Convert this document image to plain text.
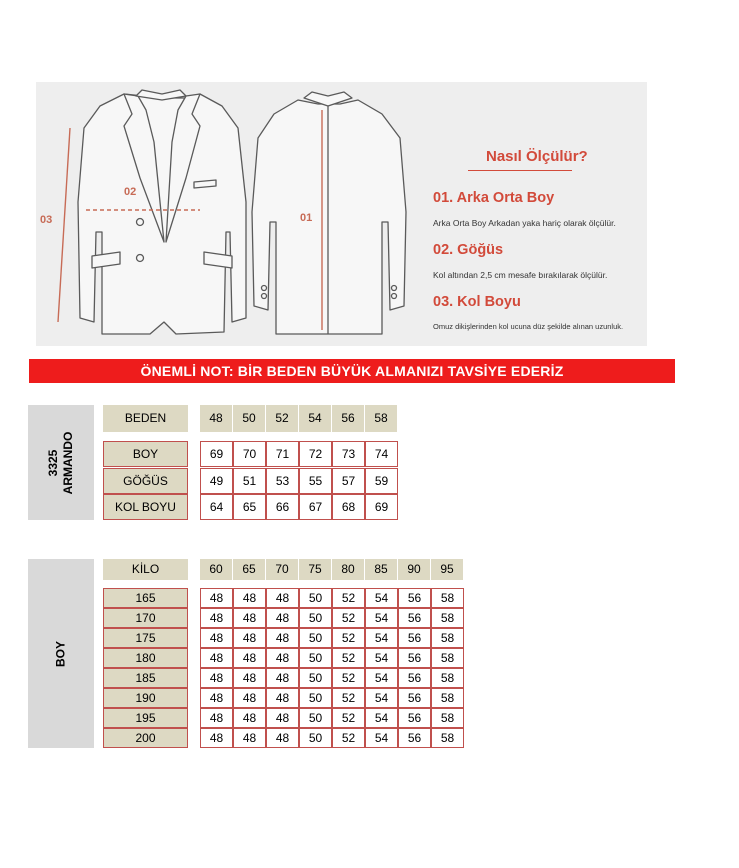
02
03	01
Nasıl Ölçülür?
01. Arka Orta Boy
Arka Orta Boy Arkadan yaka hariç olarak ölçülür.
02. Göğüs
Kol altından 2,5 cm mesafe bırakılarak ölçülür.
03. Kol Boyu
Omuz dikişlerinden kol ucuna düz şekilde alınan uzunluk.
ÖNEMLİ NOT: BİR BEDEN BÜYÜK ALMANIZI TAVSİYE EDERİZ
3325 ARMANDO
BEDEN	48	50	52	54	56	58
BOY	69	70	71	72	73	74
GÖĞÜS	49	51	53	55	57	59
KOL BOYU	64	65	66	67	68	69
BOY
KİLO	60	65	70	75	80	85	90	95
165	48	48	48	50	52	54	56	58
170	48	48	48	50	52	54	56	58
175	48	48	48	50	52	54	56	58
180	48	48	48	50	52	54	56	58
185	48	48	48	50	52	54	56	58
190	48	48	48	50	52	54	56	58
195	48	48	48	50	52	54	56	58
200	48	48	48	50	52	54	56	58
